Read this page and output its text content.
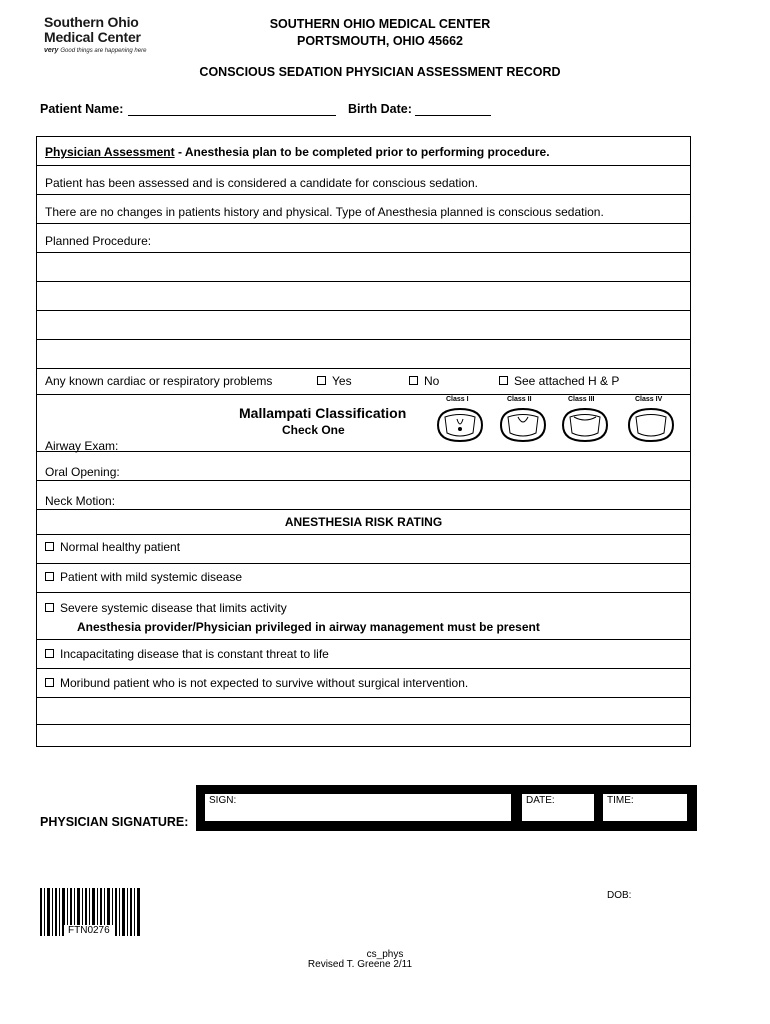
Southern Ohio
Medical Center
very Good things are happening here
SOUTHERN OHIO MEDICAL CENTER
PORTSMOUTH, OHIO 45662
CONSCIOUS SEDATION PHYSICIAN ASSESSMENT RECORD
Patient Name:	Birth Date:
Physician Assessment - Anesthesia plan to be completed prior to performing procedure.
Patient has been assessed and is considered a candidate for conscious sedation.
There are no changes in patients history and physical. Type of Anesthesia planned is conscious sedation.
Planned Procedure:
Any known cardiac or respiratory problems	Yes	No	See attached H & P
Mallampati Classification
Check One
Airway Exam:
Class I	Class II	Class III	Class IV
Oral Opening:
Neck Motion:
ANESTHESIA RISK RATING
Normal healthy patient
Patient with mild systemic disease
Severe systemic disease that limits activity
Anesthesia provider/Physician privileged in airway management must be present
Incapacitating disease that is constant threat to life
Moribund patient who is not expected to survive without surgical intervention.
PHYSICIAN SIGNATURE:
SIGN:	DATE:	TIME:
DOB:
FTN0276
cs_phys
Revised T. Greene 2/11
